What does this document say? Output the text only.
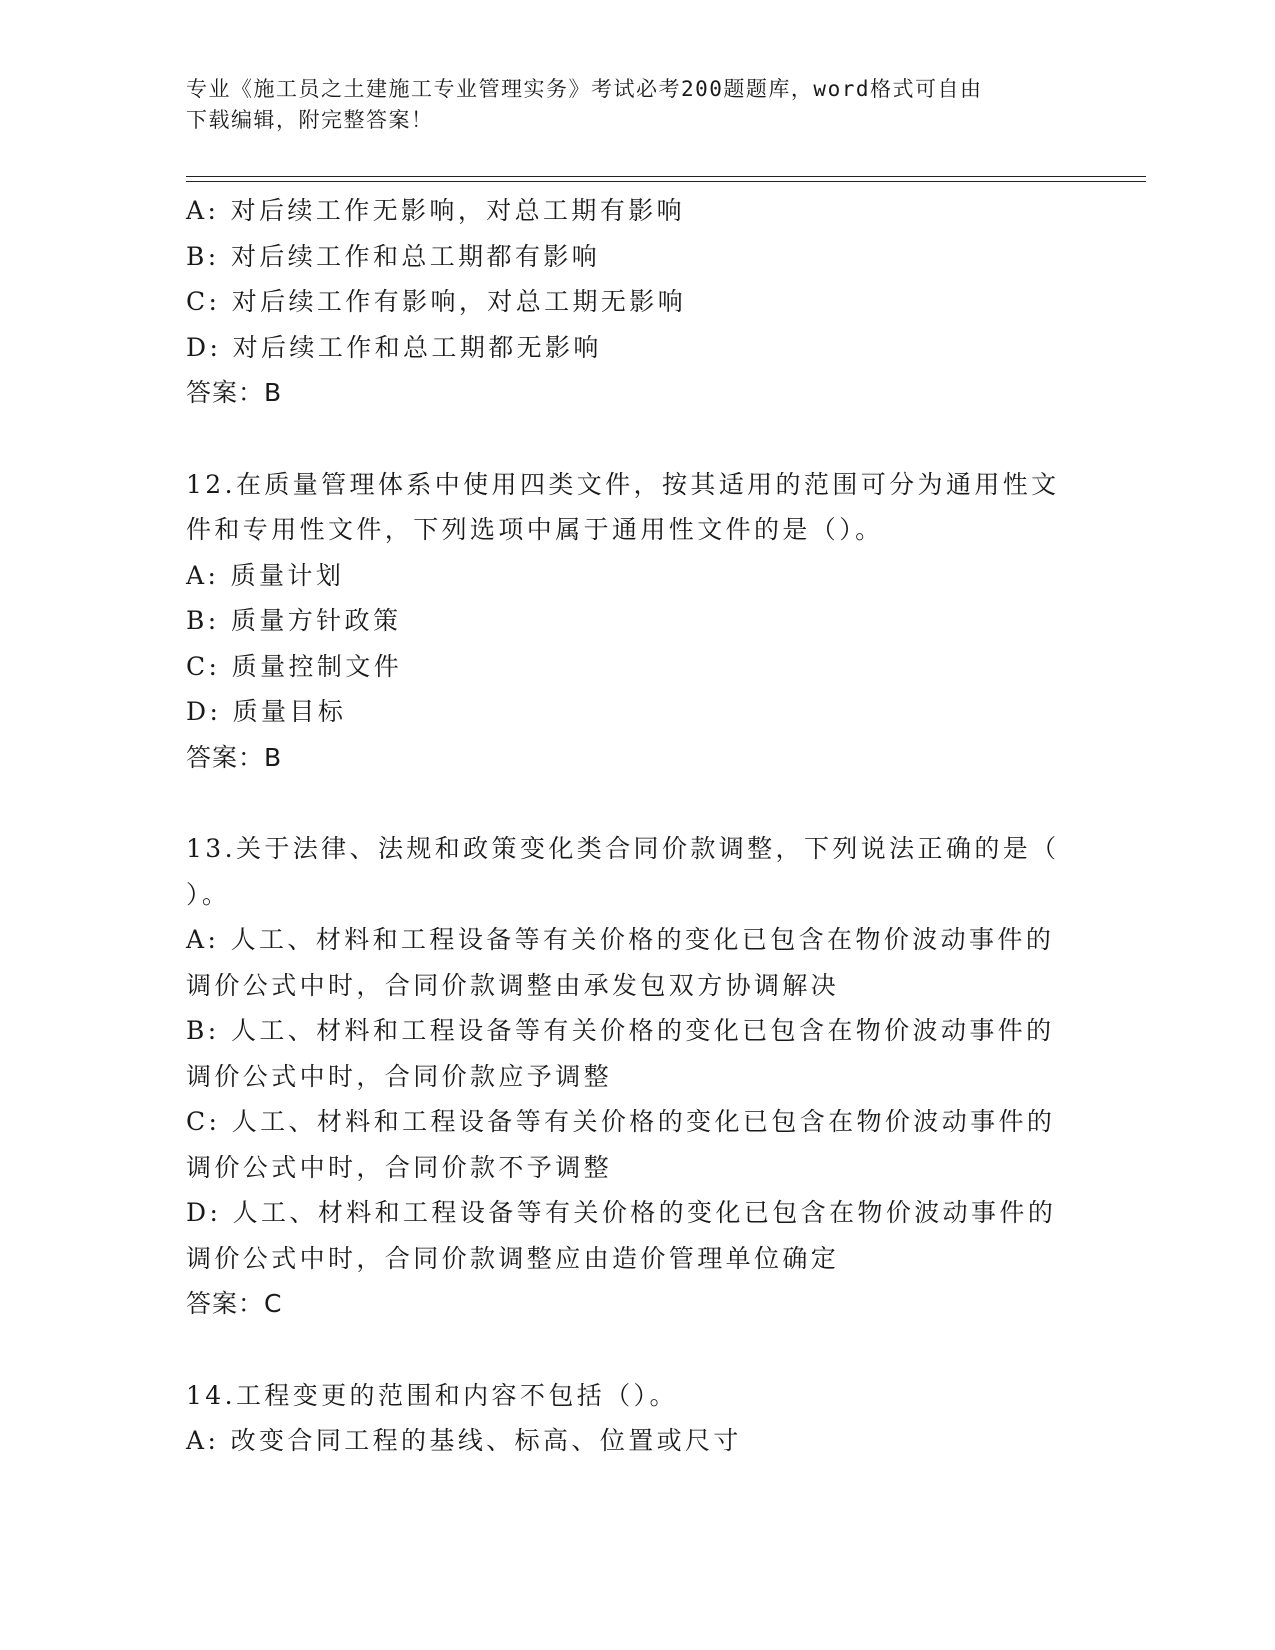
专业《施工员之土建施工专业管理实务》考试必考200题题库，word格式可自由
下载编辑，附完整答案！
A: 对后续工作无影响，对总工期有影响
B: 对后续工作和总工期都有影响
C: 对后续工作有影响，对总工期无影响
D: 对后续工作和总工期都无影响
答案：B
12.在质量管理体系中使用四类文件，按其适用的范围可分为通用性文
件和专用性文件，下列选项中属于通用性文件的是（）。
A: 质量计划
B: 质量方针政策
C: 质量控制文件
D: 质量目标
答案：B
13.关于法律、法规和政策变化类合同价款调整，下列说法正确的是（
）。
A: 人工、材料和工程设备等有关价格的变化已包含在物价波动事件的
调价公式中时，合同价款调整由承发包双方协调解决
B: 人工、材料和工程设备等有关价格的变化已包含在物价波动事件的
调价公式中时，合同价款应予调整
C: 人工、材料和工程设备等有关价格的变化已包含在物价波动事件的
调价公式中时，合同价款不予调整
D: 人工、材料和工程设备等有关价格的变化已包含在物价波动事件的
调价公式中时，合同价款调整应由造价管理单位确定
答案：C
14.工程变更的范围和内容不包括（）。
A: 改变合同工程的基线、标高、位置或尺寸
